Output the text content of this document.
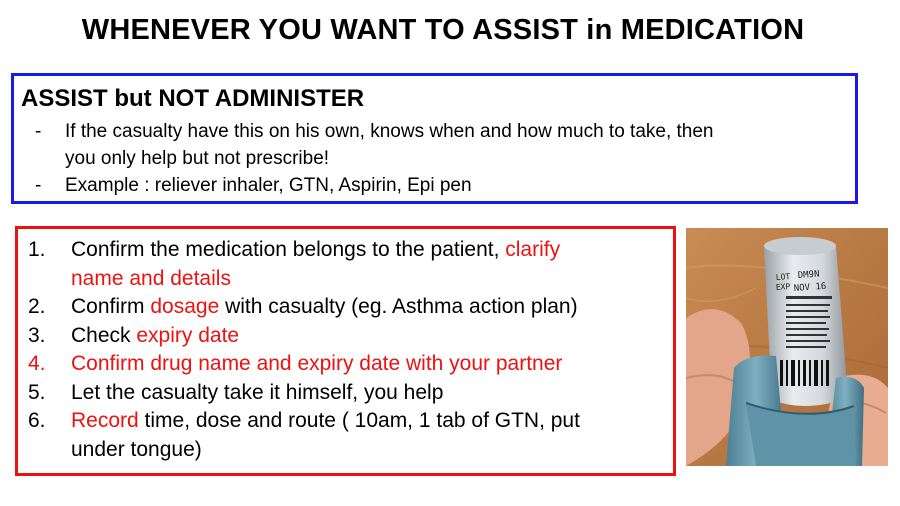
WHENEVER YOU WANT TO ASSIST in MEDICATION
ASSIST but NOT ADMINISTER
- If the casualty have this on his own, knows when and how much to take, then
you only help but not prescribe!
- Example : reliever inhaler, GTN, Aspirin, Epi pen
1. Confirm the medication belongs to the patient, clarify
name and details
2. Confirm dosage with casualty (eg. Asthma action plan)
3. Check expiry date
4. Confirm drug name and expiry date with your partner
5. Let the casualty take it himself, you help
6. Record time, dose and route ( 10am, 1 tab of GTN, put
under tongue)
LOT
EXP
DM9N
NOV 16
